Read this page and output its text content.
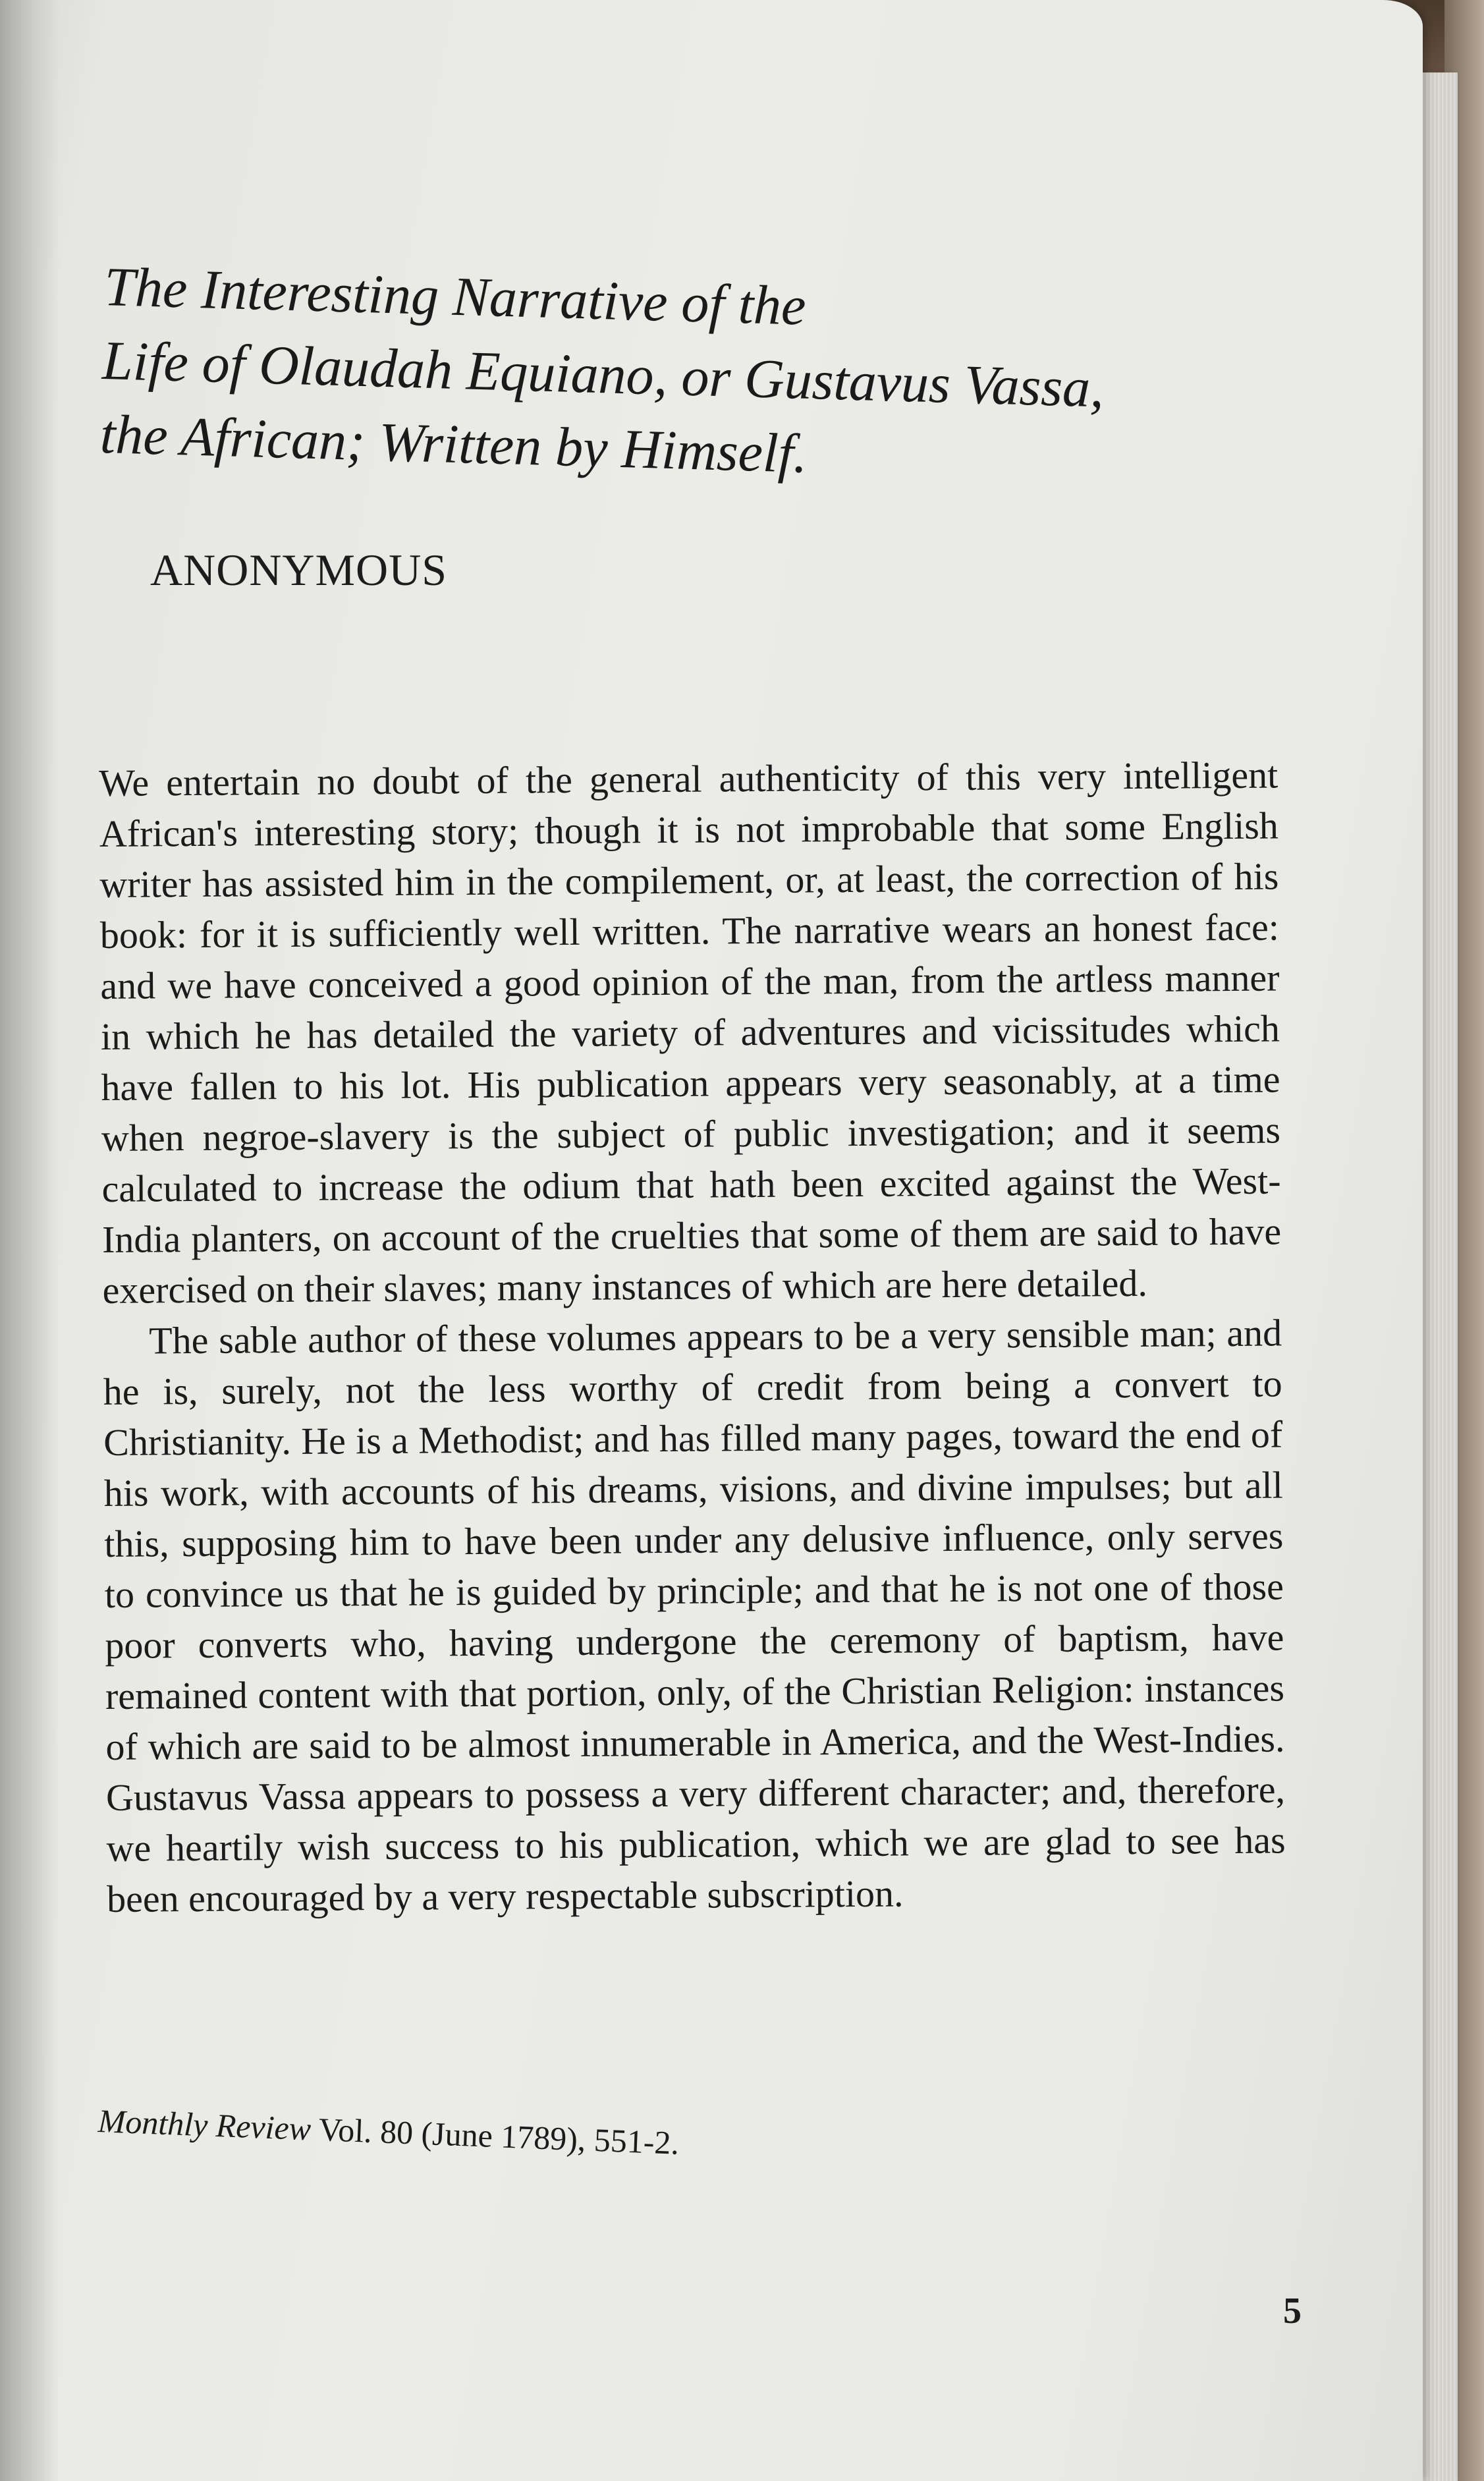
The Interesting Narrative of the
Life of Olaudah Equiano, or Gustavus Vassa,
the African; Written by Himself.
ANONYMOUS

We entertain no doubt of the general authenticity of this very intelligent African's interesting story; though it is not improbable that some English writer has assisted him in the compilement, or, at least, the correction of his book: for it is sufficiently well written. The narrative wears an honest face: and we have conceived a good opinion of the man, from the artless manner in which he has detailed the variety of adventures and vicissitudes which have fallen to his lot. His publication appears very seasonably, at a time when negroe-slavery is the subject of public investigation; and it seems calculated to increase the odium that hath been excited against the West-India planters, on account of the cruelties that some of them are said to have exercised on their slaves; many instances of which are here detailed.

The sable author of these volumes appears to be a very sensible man; and he is, surely, not the less worthy of credit from being a convert to Christianity. He is a Methodist; and has filled many pages, toward the end of his work, with accounts of his dreams, visions, and divine impulses; but all this, supposing him to have been under any delusive influence, only serves to convince us that he is guided by principle; and that he is not one of those poor converts who, having undergone the ceremony of baptism, have remained content with that portion, only, of the Christian Religion: instances of which are said to be almost innumerable in America, and the West-Indies. Gustavus Vassa appears to possess a very different character; and, therefore, we heartily wish success to his publication, which we are glad to see has been encouraged by a very respectable subscription.

Monthly Review Vol. 80 (June 1789), 551-2.
5
